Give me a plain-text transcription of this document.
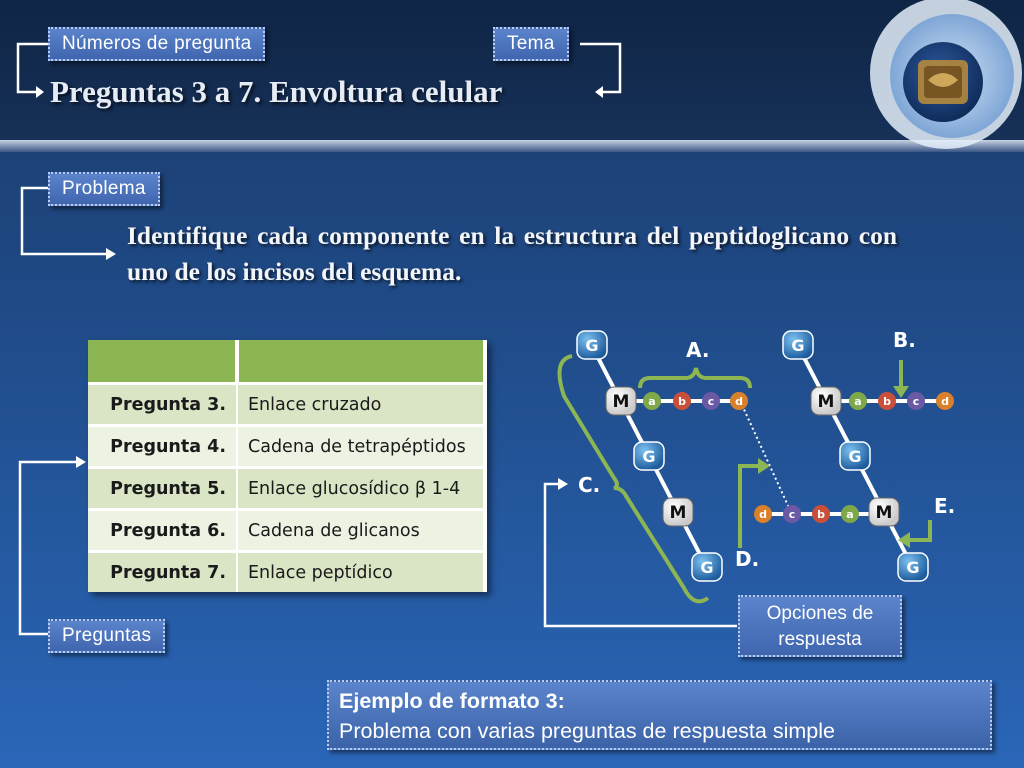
G
G
G
G
G
G
M
M
M
M
a b c d	a b c d
d c b a
A.	B.
C.
D.
E.
Números de pregunta	Tema
Preguntas 3 a 7. Envoltura celular
Problema
Identifique cada componente en la estructura del peptidoglicano con uno de los incisos del esquema.

Pregunta 3.	Enlace cruzado
Pregunta 4.	Cadena de tetrapéptidos
Pregunta 5.	Enlace glucosídico β 1-4
Pregunta 6.	Cadena de glicanos
Pregunta 7.	Enlace peptídico
Preguntas
Opciones de
respuesta
Ejemplo de formato 3:
Problema con varias preguntas de respuesta simple
